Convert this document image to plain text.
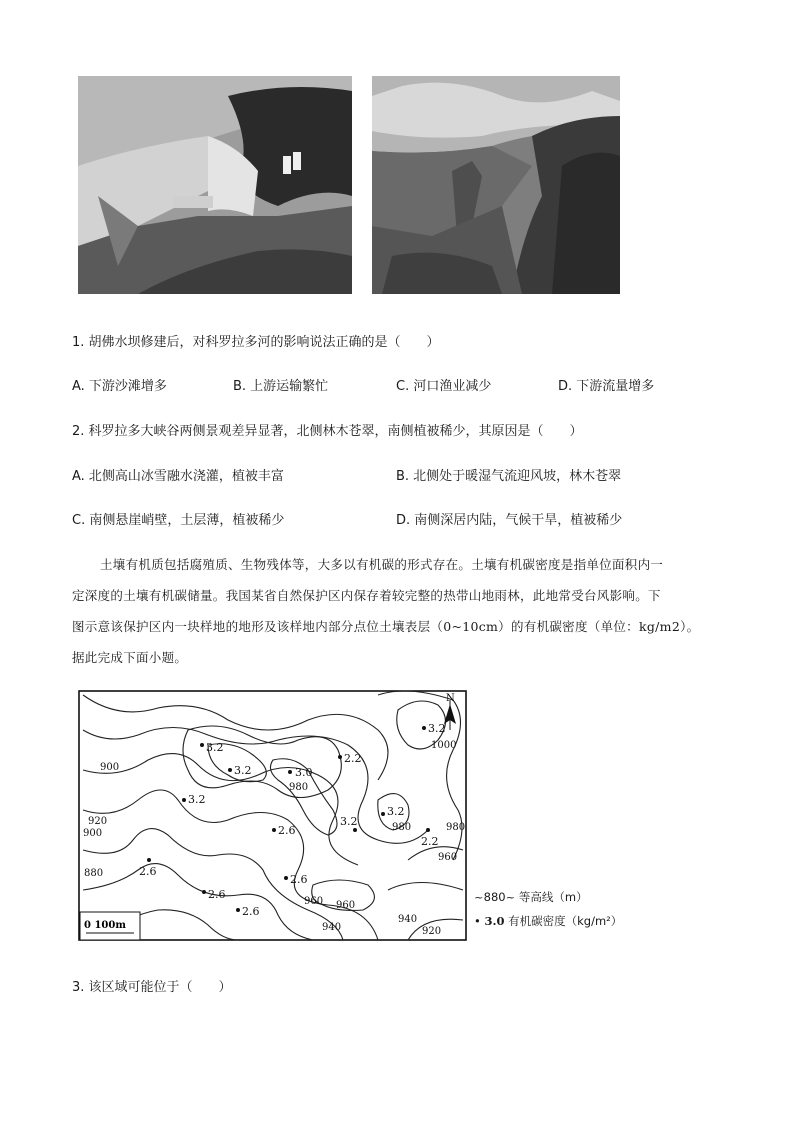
1. 胡佛水坝修建后，对科罗拉多河的影响说法正确的是（　　）
A. 下游沙滩增多	B. 上游运输繁忙	C. 河口渔业减少	D. 下游流量增多
2. 科罗拉多大峡谷两侧景观差异显著，北侧林木苍翠，南侧植被稀少，其原因是（　　）
A. 北侧高山冰雪融水浇灌，植被丰富	B. 北侧处于暖湿气流迎风坡，林木苍翠
C. 南侧悬崖峭壁，土层薄，植被稀少	D. 南侧深居内陆，气候干旱，植被稀少
土壤有机质包括腐殖质、生物残体等，大多以有机碳的形式存在。土壤有机碳密度是指单位面积内一
定深度的土壤有机碳储量。我国某省自然保护区内保存着较完整的热带山地雨林，此地常受台风影响。下
图示意该保护区内一块样地的地形及该样地内部分点位土壤表层（0~10cm）的有机碳密度（单位：kg/m2）。
据此完成下面小题。
N
0 100m
900
920
900
880
980
1000
980
960
980
960
940
920
940
960
3.2
3.2	3.0
2.2
3.2
3.2
3.2
2.6
2.2
2.6
2.6
2.6
2.6
3.2
~880~ 等高线（m）
• 3.0 有机碳密度（kg/m²）
3. 该区域可能位于（　　）
